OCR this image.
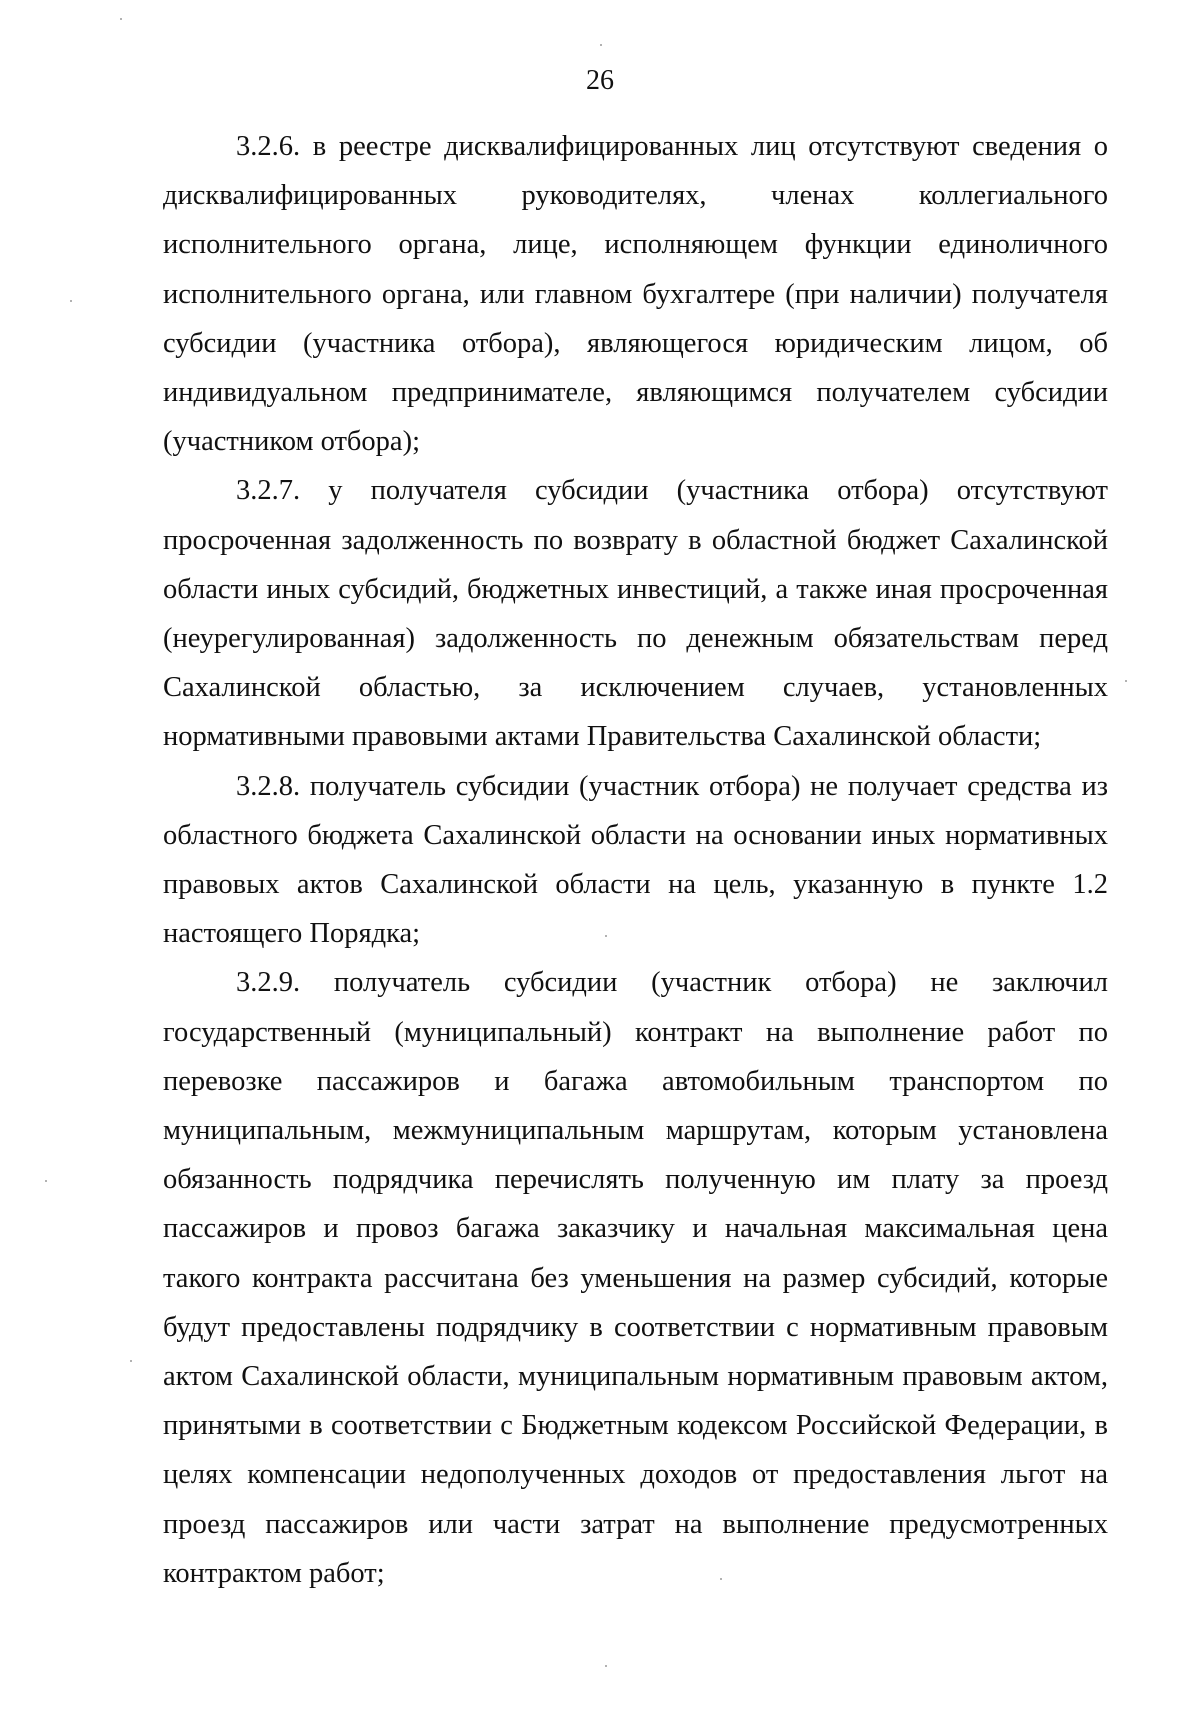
26

3.2.6. в реестре дисквалифицированных лиц отсутствуют сведения о дисквалифицированных руководителях, членах коллегиального исполнительного органа, лице, исполняющем функции единоличного исполнительного органа, или главном бухгалтере (при наличии) получателя субсидии (участника отбора), являющегося юридическим лицом, об индивидуальном предпринимателе, являющимся получателем субсидии (участником отбора);

3.2.7. у получателя субсидии (участника отбора) отсутствуют просроченная задолженность по возврату в областной бюджет Сахалинской области иных субсидий, бюджетных инвестиций, а также иная просроченная (неурегулированная) задолженность по денежным обязательствам перед Сахалинской областью, за исключением случаев, установленных нормативными правовыми актами Правительства Сахалинской области;

3.2.8. получатель субсидии (участник отбора) не получает средства из областного бюджета Сахалинской области на основании иных нормативных правовых актов Сахалинской области на цель, указанную в пункте 1.2 настоящего Порядка;

3.2.9. получатель субсидии (участник отбора) не заключил государственный (муниципальный) контракт на выполнение работ по перевозке пассажиров и багажа автомобильным транспортом по муниципальным, межмуниципальным маршрутам, которым установлена обязанность подрядчика перечислять полученную им плату за проезд пассажиров и провоз багажа заказчику и начальная максимальная цена такого контракта рассчитана без уменьшения на размер субсидий, которые будут предоставлены подрядчику в соответствии с нормативным правовым актом Сахалинской области, муниципальным нормативным правовым актом, принятыми в соответствии с Бюджетным кодексом Российской Федерации, в целях компенсации недополученных доходов от предоставления льгот на проезд пассажиров или части затрат на выполнение предусмотренных контрактом работ;
